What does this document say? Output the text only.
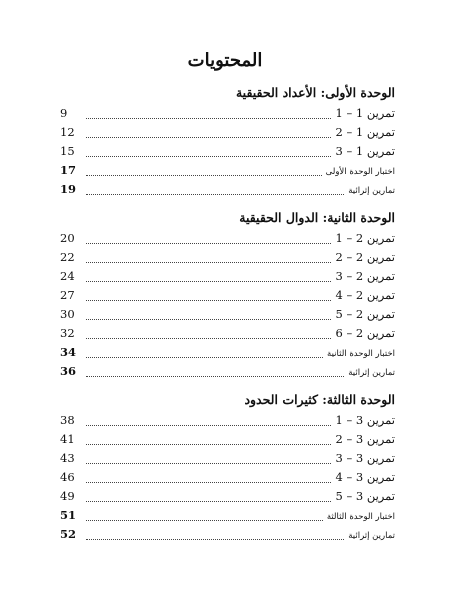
المحتويات
الوحدة الأولى: الأعداد الحقيقية
تمرين 1 – 1
9
تمرين 1 – 2
12
تمرين 1 – 3
15
اختبار الوحدة الأولى
17
تمارين إثرائية
19
الوحدة الثانية: الدوال الحقيقية
تمرين 2 – 1
20
تمرين 2 – 2
22
تمرين 2 – 3
24
تمرين 2 – 4
27
تمرين 2 – 5
30
تمرين 2 – 6
32
اختبار الوحدة الثانية
34
تمارين إثرائية
36
الوحدة الثالثة: كثيرات الحدود
تمرين 3 – 1
38
تمرين 3 – 2
41
تمرين 3 – 3
43
تمرين 3 – 4
46
تمرين 3 – 5
49
اختبار الوحدة الثالثة
51
تمارين إثرائية
52
